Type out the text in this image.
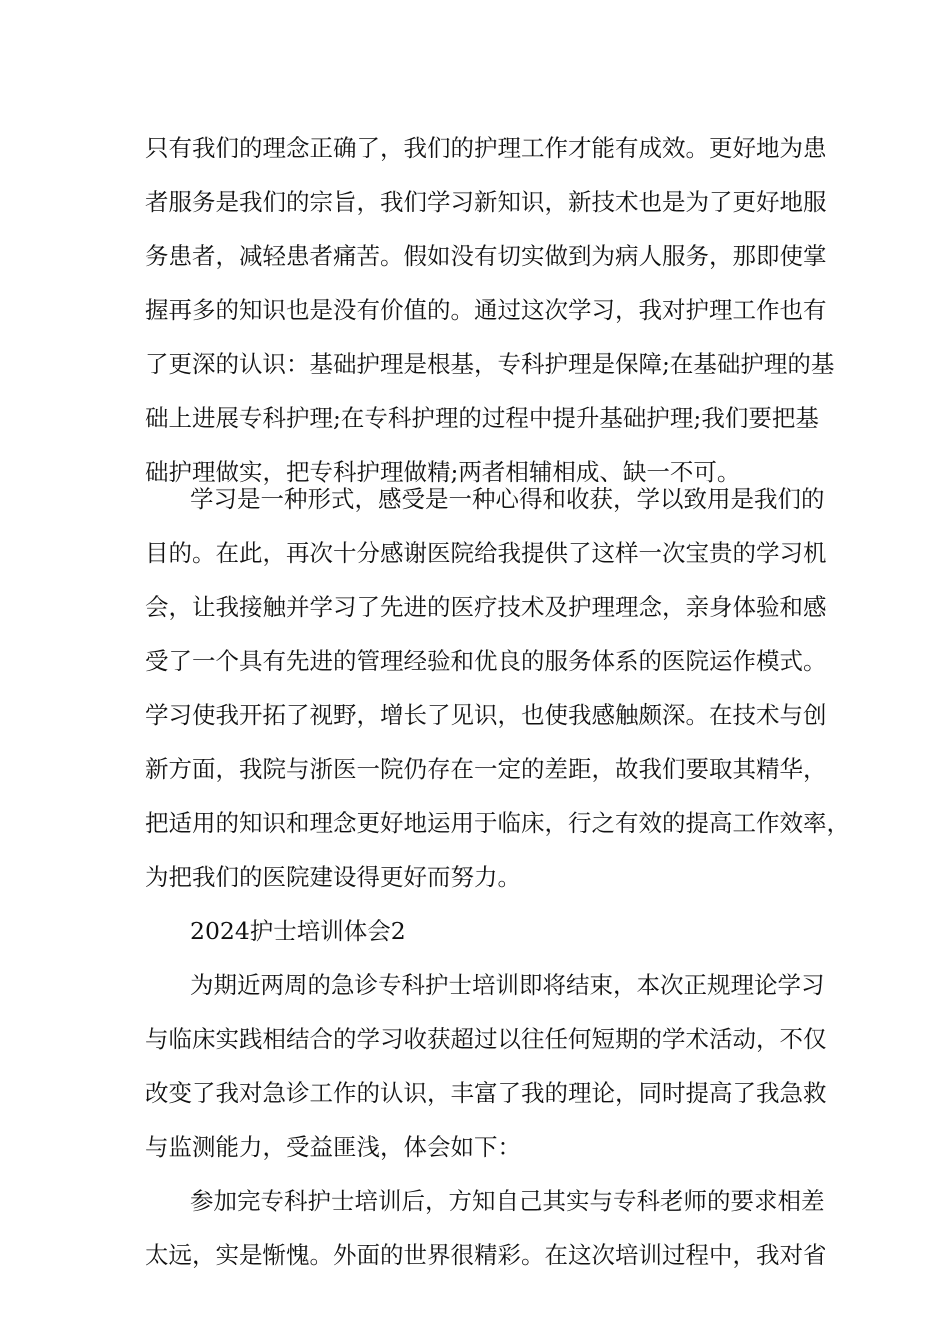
只有我们的理念正确了，我们的护理工作才能有成效。更好地为患
者服务是我们的宗旨，我们学习新知识，新技术也是为了更好地服
务患者，减轻患者痛苦。假如没有切实做到为病人服务，那即使掌
握再多的知识也是没有价值的。通过这次学习，我对护理工作也有
了更深的认识：基础护理是根基，专科护理是保障;在基础护理的基
础上进展专科护理;在专科护理的过程中提升基础护理;我们要把基
础护理做实，把专科护理做精;两者相辅相成、缺一不可。
学习是一种形式，感受是一种心得和收获，学以致用是我们的
目的。在此，再次十分感谢医院给我提供了这样一次宝贵的学习机
会，让我接触并学习了先进的医疗技术及护理理念，亲身体验和感
受了一个具有先进的管理经验和优良的服务体系的医院运作模式。
学习使我开拓了视野，增长了见识，也使我感触颇深。在技术与创
新方面，我院与浙医一院仍存在一定的差距，故我们要取其精华，
把适用的知识和理念更好地运用于临床，行之有效的提高工作效率，
为把我们的医院建设得更好而努力。
2024护士培训体会2
为期近两周的急诊专科护士培训即将结束，本次正规理论学习
与临床实践相结合的学习收获超过以往任何短期的学术活动，不仅
改变了我对急诊工作的认识，丰富了我的理论，同时提高了我急救
与监测能力，受益匪浅，体会如下：
参加完专科护士培训后，方知自己其实与专科老师的要求相差
太远，实是惭愧。外面的世界很精彩。在这次培训过程中，我对省
